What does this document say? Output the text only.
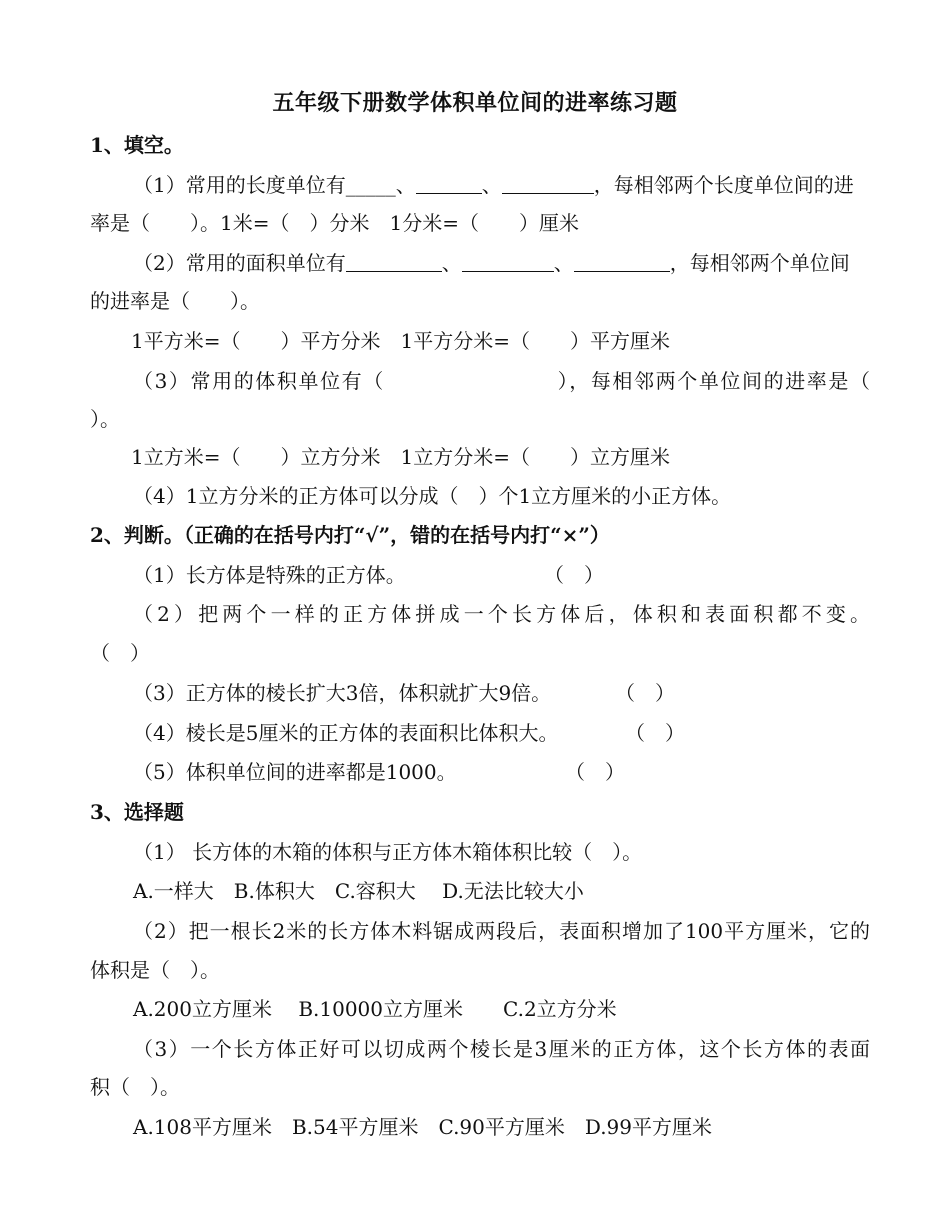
五年级下册数学体积单位间的进率练习题
1、填空。
（1）常用的长度单位有_____、	、	，每相邻两个长度单位间的进
率是（　　）。1米=（　）分米　1分米=（　　）厘米
（2）常用的面积单位有	、	、	，每相邻两个单位间
的进率是（　　）。
1平方米=（　　）平方分米　1平方分米=（　　）平方厘米
（3）常用的体积单位有（　　　　　　　　），每相邻两个单位间的进率是（
）。
1立方米=（　　）立方分米　1立方分米=（　　）立方厘米
（4）1立方分米的正方体可以分成（　）个1立方厘米的小正方体。
2、判断。（正确的在括号内打“√”，错的在括号内打“×”）
（1）长方体是特殊的正方体。	（　）
（2）把两个一样的正方体拼成一个长方体后，体积和表面积都不变。
（　）
（3）正方体的棱长扩大3倍，体积就扩大9倍。	（　）
（4）棱长是5厘米的正方体的表面积比体积大。	（　）
（5）体积单位间的进率都是1000。	（　）
3、选择题
（1） 长方体的木箱的体积与正方体木箱体积比较（　）。
A.一样大　B.体积大　C.容积大　 D.无法比较大小
（2）把一根长2米的长方体木料锯成两段后，表面积增加了100平方厘米，它的
体积是（　）。
A.200立方厘米　 B.10000立方厘米　　C.2立方分米
（3）一个长方体正好可以切成两个棱长是3厘米的正方体，这个长方体的表面
积（　）。
A.108平方厘米　B.54平方厘米　C.90平方厘米　D.99平方厘米
